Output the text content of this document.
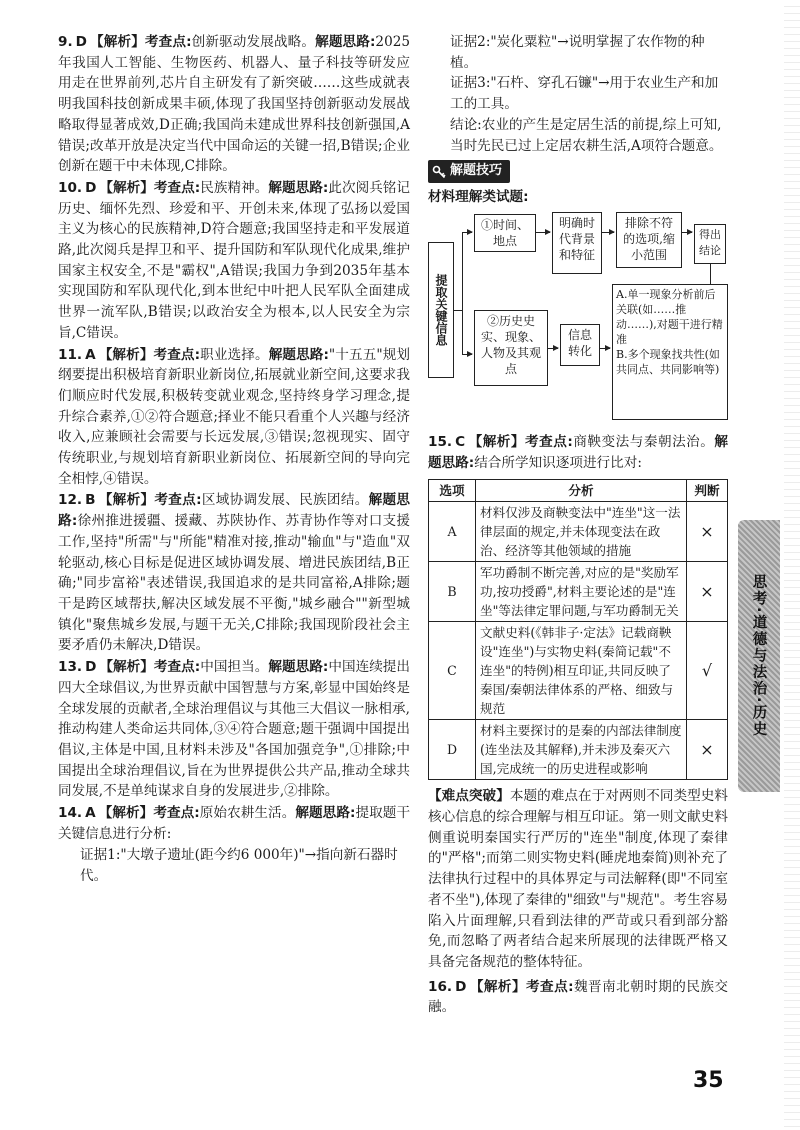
9. D 【解析】考查点:创新驱动发展战略。解题思路:2025年我国人工智能、生物医药、机器人、量子科技等研发应用走在世界前列,芯片自主研发有了新突破……这些成就表明我国科技创新成果丰硕,体现了我国坚持创新驱动发展战略取得显著成效,D正确;我国尚未建成世界科技创新强国,A错误;改革开放是决定当代中国命运的关键一招,B错误;企业创新在题干中未体现,C排除。
10. D 【解析】考查点:民族精神。解题思路:此次阅兵铭记历史、缅怀先烈、珍爱和平、开创未来,体现了弘扬以爱国主义为核心的民族精神,D符合题意;我国坚持走和平发展道路,此次阅兵是捍卫和平、提升国防和军队现代化成果,维护国家主权安全,不是"霸权",A错误;我国力争到2035年基本实现国防和军队现代化,到本世纪中叶把人民军队全面建成世界一流军队,B错误;以政治安全为根本,以人民安全为宗旨,C错误。
11. A 【解析】考查点:职业选择。解题思路:"十五五"规划纲要提出积极培育新职业新岗位,拓展就业新空间,这要求我们顺应时代发展,积极转变就业观念,坚持终身学习理念,提升综合素养,①②符合题意;择业不能只看重个人兴趣与经济收入,应兼顾社会需要与长远发展,③错误;忽视现实、固守传统职业,与规划培育新职业新岗位、拓展新空间的导向完全相悖,④错误。
12. B 【解析】考查点:区域协调发展、民族团结。解题思路:徐州推进援疆、援藏、苏陕协作、苏青协作等对口支援工作,坚持"所需"与"所能"精准对接,推动"输血"与"造血"双轮驱动,核心目标是促进区域协调发展、增进民族团结,B正确;"同步富裕"表述错误,我国追求的是共同富裕,A排除;题干是跨区域帮扶,解决区域发展不平衡,"城乡融合""新型城镇化"聚焦城乡发展,与题干无关,C排除;我国现阶段社会主要矛盾仍未解决,D错误。
13. D 【解析】考查点:中国担当。解题思路:中国连续提出四大全球倡议,为世界贡献中国智慧与方案,彰显中国始终是全球发展的贡献者,全球治理倡议与其他三大倡议一脉相承,推动构建人类命运共同体,③④符合题意;题干强调中国提出倡议,主体是中国,且材料未涉及"各国加强竞争",①排除;中国提出全球治理倡议,旨在为世界提供公共产品,推动全球共同发展,不是单纯谋求自身的发展进步,②排除。
14. A 【解析】考查点:原始农耕生活。解题思路:提取题干关键信息进行分析:
证据1:"大墩子遗址(距今约6 000年)"→指向新石器时代。
证据2:"炭化粟粒"→说明掌握了农作物的种植。
证据3:"石杵、穿孔石镰"→用于农业生产和加工的工具。
结论:农业的产生是定居生活的前提,综上可知,当时先民已过上定居农耕生活,A项符合题意。
解题技巧
材料理解类试题:
提取关键信息
①时间、地点
明确时代背景和特征
排除不符的选项,缩小范围
得出结论
②历史史实、现象、人物及其观点
信息转化
A.单一现象分析前后关联(如……推动……),对题干进行精准
B.多个现象找共性(如共同点、共同影响等)
15. C 【解析】考查点:商鞅变法与秦朝法治。解题思路:结合所学知识逐项进行比对:
选项	分析	判断
A	材料仅涉及商鞅变法中"连坐"这一法律层面的规定,并未体现变法在政治、经济等其他领域的措施	×
B	军功爵制不断完善,对应的是"奖励军功,按功授爵",材料主要论述的是"连坐"等法律定罪问题,与军功爵制无关	×
C	文献史料(《韩非子·定法》记载商鞅设"连坐")与实物史料(秦简记载"不连坐"的特例)相互印证,共同反映了秦国/秦朝法律体系的严格、细致与规范	√
D	材料主要探讨的是秦的内部法律制度(连坐法及其解释),并未涉及秦灭六国,完成统一的历史进程或影响	×
【难点突破】本题的难点在于对两则不同类型史料核心信息的综合理解与相互印证。第一则文献史料侧重说明秦国实行严厉的"连坐"制度,体现了秦律的"严格";而第二则实物史料(睡虎地秦简)则补充了法律执行过程中的具体界定与司法解释(即"不同室者不坐"),体现了秦律的"细致"与"规范"。考生容易陷入片面理解,只看到法律的严苛或只看到部分豁免,而忽略了两者结合起来所展现的法律既严格又具备完备规范的整体特征。
16. D 【解析】考查点:魏晋南北朝时期的民族交融。
思考·道德与法治·历史
35
